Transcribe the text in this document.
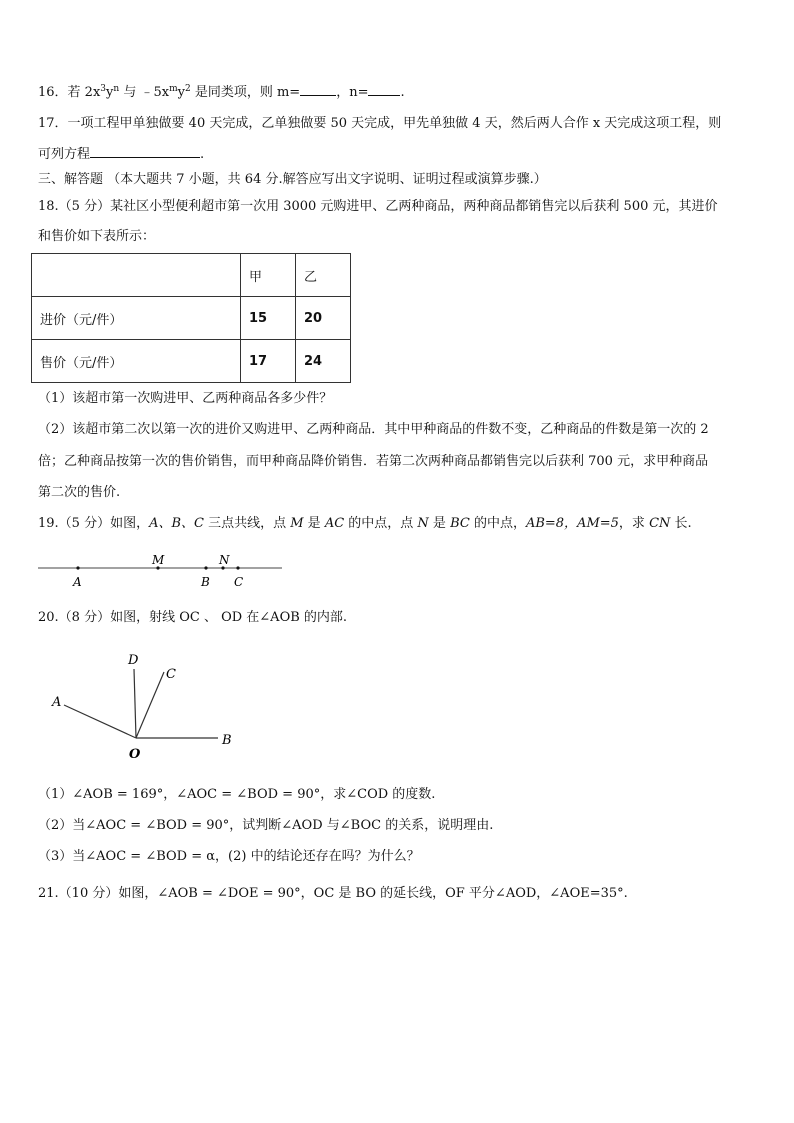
16．若 $2x^3y^n$ 与 $﹣5x^my^2$ 是同类项，则 m=	，n= .
17．一项工程甲单独做要 40 天完成，乙单独做要 50 天完成，甲先单独做 4 天，然后两人合作 x 天完成这项工程，则
可列方程	.
三、解答题 （本大题共 7 小题，共 64 分.解答应写出文字说明、证明过程或演算步骤.）
18.（5 分）某社区小型便利超市第一次用 3000 元购进甲、乙两种商品，两种商品都销售完以后获利 500 元，其进价
和售价如下表所示：
	甲	乙
进价（元/件）	15	20
售价（元/件）	17	24
（1）该超市第一次购进甲、乙两种商品各多少件？
（2）该超市第二次以第一次的进价又购进甲、乙两种商品．其中甲种商品的件数不变，乙种商品的件数是第一次的 2
倍；乙种商品按第一次的售价销售，而甲种商品降价销售．若第二次两种商品都销售完以后获利 700 元，求甲种商品
第二次的售价.
19.（5 分）如图，A、B、C 三点共线，点 M 是 AC 的中点，点 N 是 BC 的中点，AB=8，AM=5，求 CN 长.
A
M
B
N
C
20.（8 分）如图，射线 OC 、 OD 在∠AOB 的内部.
D
C
A
B
O
（1）∠AOB = 169°，∠AOC = ∠BOD = 90°，求∠COD 的度数.
（2）当∠AOC = ∠BOD = 90°，试判断∠AOD 与∠BOC 的关系，说明理由.
（3）当∠AOC = ∠BOD = α，(2) 中的结论还存在吗？为什么？
21.（10 分）如图，∠AOB = ∠DOE = 90°，OC 是 BO 的延长线，OF 平分∠AOD，∠AOE=35°.
